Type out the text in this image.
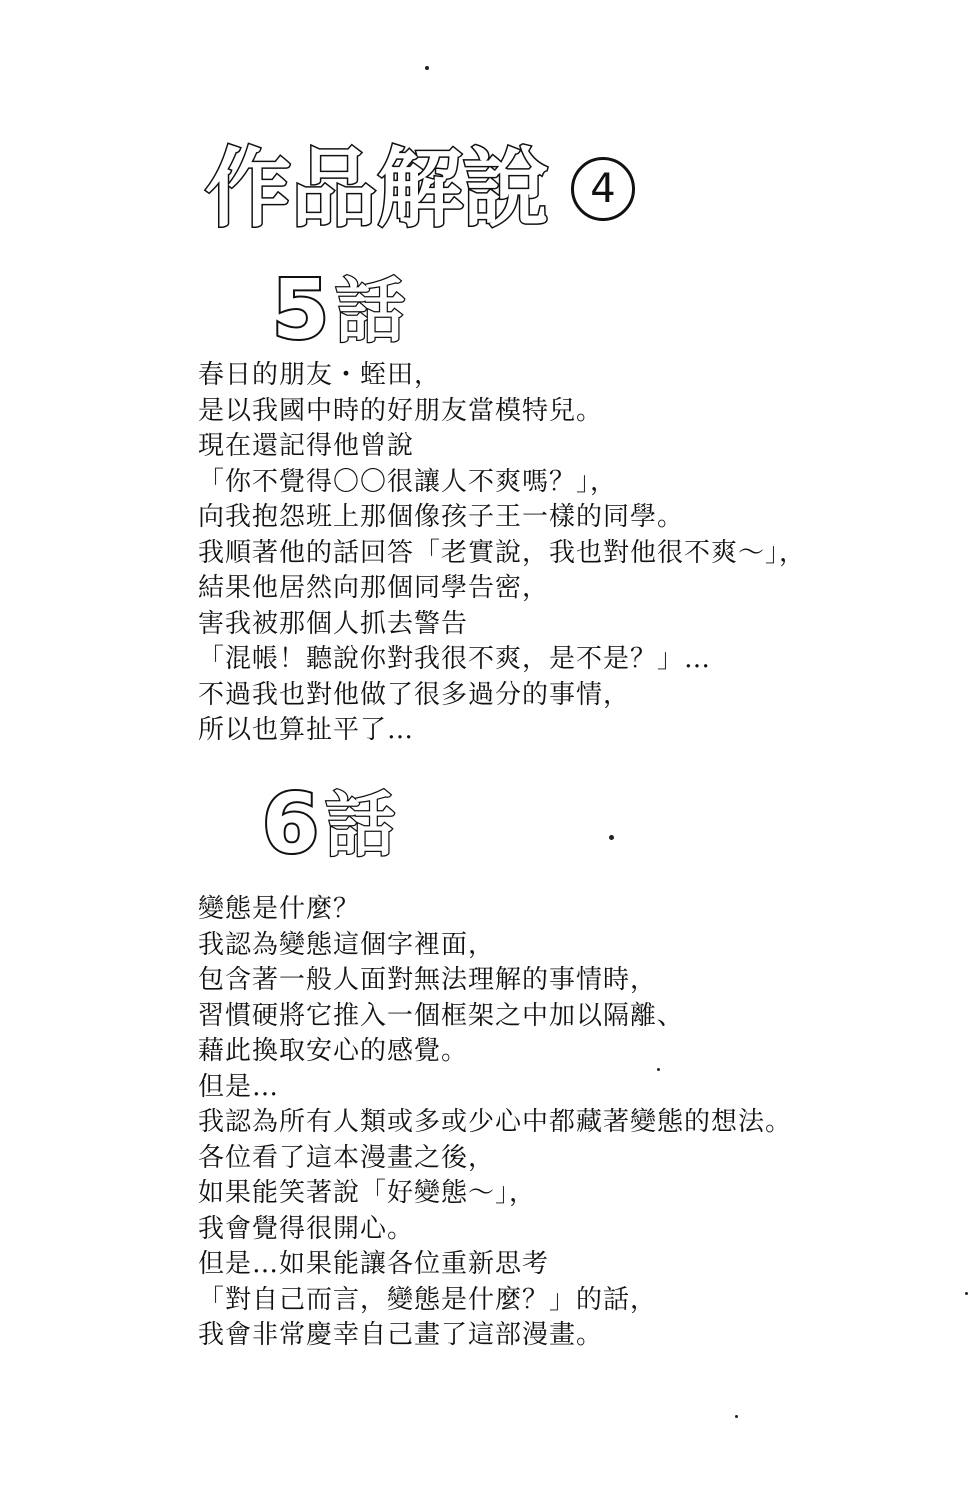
作品解說 4
5話
春日的朋友・蛭田，
是以我國中時的好朋友當模特兒。
現在還記得他曾說
「你不覺得〇〇很讓人不爽嗎？」，
向我抱怨班上那個像孩子王一樣的同學。
我順著他的話回答「老實說，我也對他很不爽～」，
結果他居然向那個同學告密，
害我被那個人抓去警告
「混帳！聽說你對我很不爽，是不是？」…
不過我也對他做了很多過分的事情，
所以也算扯平了…
6話
變態是什麼？
我認為變態這個字裡面，
包含著一般人面對無法理解的事情時，
習慣硬將它推入一個框架之中加以隔離、
藉此換取安心的感覺。
但是…
我認為所有人類或多或少心中都藏著變態的想法。
各位看了這本漫畫之後，
如果能笑著說「好變態～」，
我會覺得很開心。
但是…如果能讓各位重新思考
「對自己而言，變態是什麼？」的話，
我會非常慶幸自己畫了這部漫畫。
